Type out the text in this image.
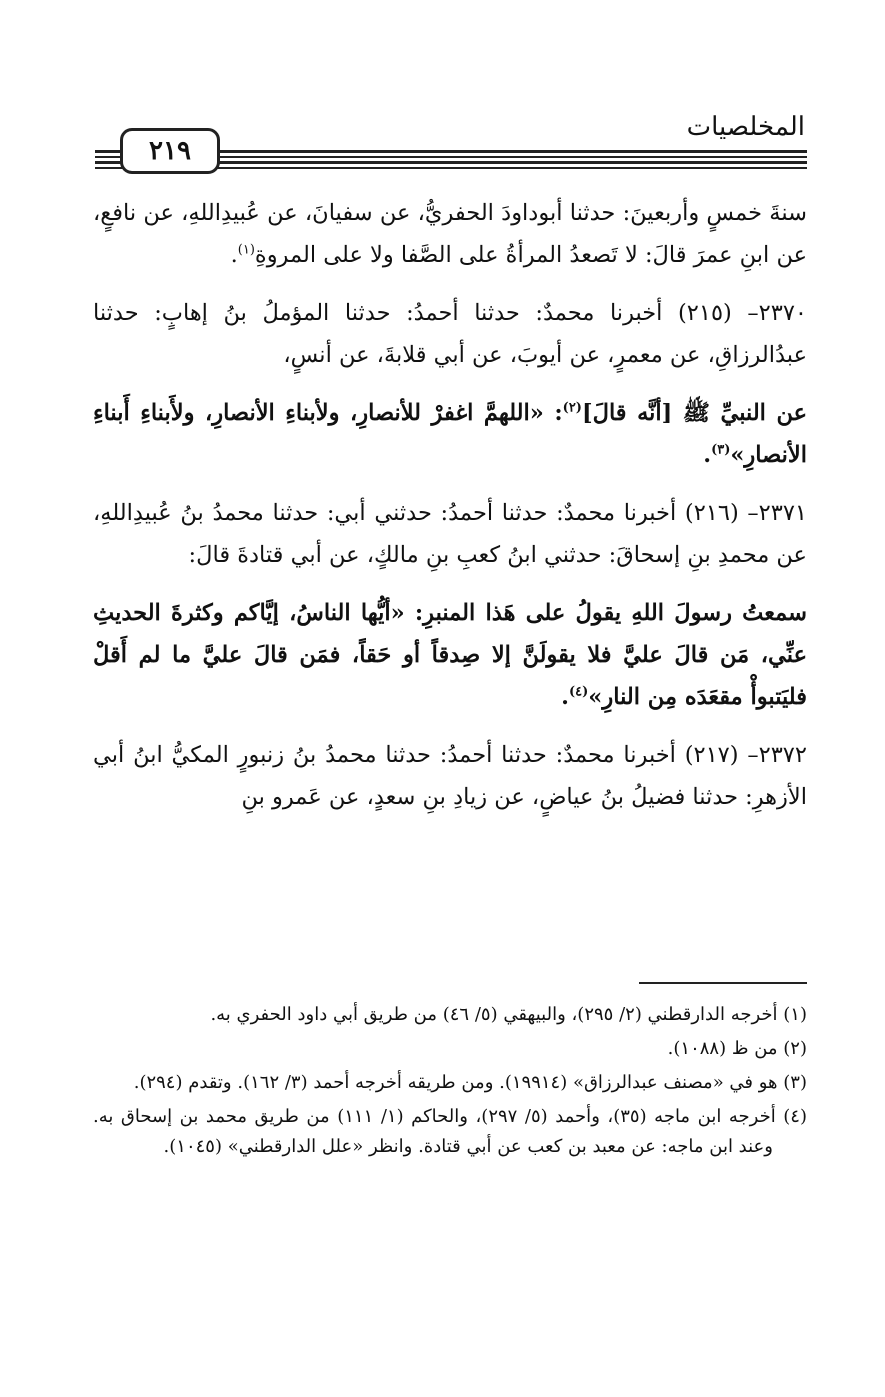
المخلصيات
٢١٩

سنةَ خمسٍ وأربعينَ: حدثنا أبوداودَ الحفريُّ، عن سفيانَ، عن عُبيدِاللهِ، عن نافعٍ، عن ابنِ عمرَ قالَ: لا تَصعدُ المرأةُ على الصَّفا ولا على المروةِ$^{(١)}$.

٢٣٧٠– (٢١٥) أخبرنا محمدٌ: حدثنا أحمدُ: حدثنا المؤملُ بنُ إهابٍ: حدثنا عبدُالرزاقِ، عن معمرٍ، عن أيوبَ، عن أبي قلابةَ، عن أنسٍ،

عن النبيِّ ﷺ [أنَّه قالَ]$^{(٢)}$: «اللهمَّ اغفرْ للأنصارِ، ولأبناءِ الأنصارِ، ولأَبناءِ أَبناءِ الأنصارِ»$^{(٣)}$.

٢٣٧١– (٢١٦) أخبرنا محمدٌ: حدثنا أحمدُ: حدثني أبي: حدثنا محمدُ بنُ عُبيدِاللهِ، عن محمدِ بنِ إسحاقَ: حدثني ابنُ كعبِ بنِ مالكٍ، عن أبي قتادةَ قالَ:

سمعتُ رسولَ اللهِ يقولُ على هَذا المنبرِ: «أيُّها الناسُ، إيَّاكم وكثرةَ الحديثِ عنِّي، مَن قالَ عليَّ فلا يقولَنَّ إلا صِدقاً أو حَقاً، فمَن قالَ عليَّ ما لم أَقلْ فليَتبوأْ مقعَدَه مِن النارِ»$^{(٤)}$.

٢٣٧٢– (٢١٧) أخبرنا محمدٌ: حدثنا أحمدُ: حدثنا محمدُ بنُ زنبورٍ المكيُّ ابنُ أبي الأزهرِ: حدثنا فضيلُ بنُ عياضٍ، عن زيادِ بنِ سعدٍ، عن عَمرو بنِ

(١) أخرجه الدارقطني (٢/ ٢٩٥)، والبيهقي (٥/ ٤٦) من طريق أبي داود الحفري به.

(٢) من ظ (١٠٨٨).

(٣) هو في «مصنف عبدالرزاق» (١٩٩١٤). ومن طريقه أخرجه أحمد (٣/ ١٦٢). وتقدم (٢٩٤).

(٤) أخرجه ابن ماجه (٣٥)، وأحمد (٥/ ٢٩٧)، والحاكم (١/ ١١١) من طريق محمد بن إسحاق به. وعند ابن ماجه: عن معبد بن كعب عن أبي قتادة. وانظر «علل الدارقطني» (١٠٤٥).
